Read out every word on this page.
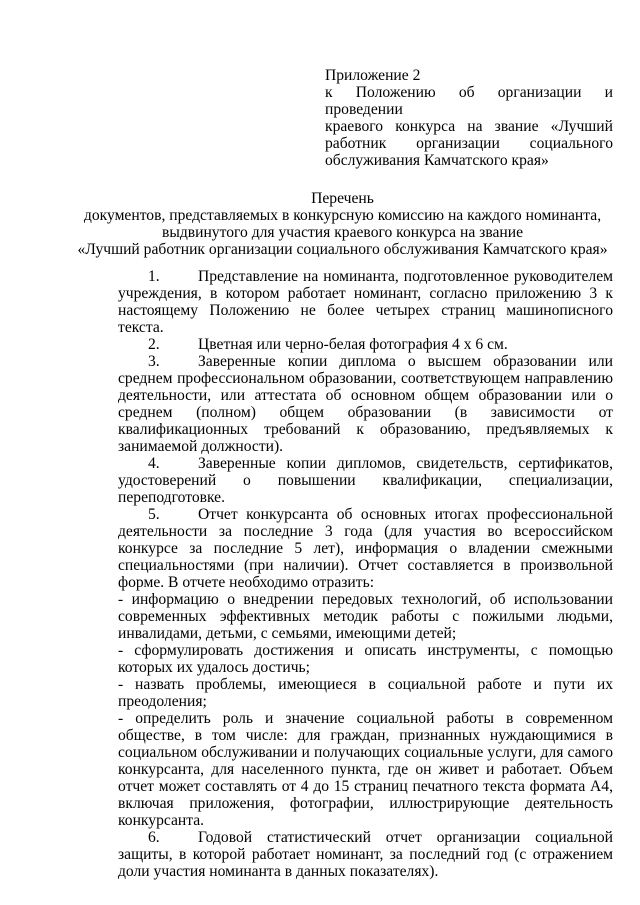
Приложение 2
к Положению об организации и проведении
краевого конкурса на звание «Лучший
работник организации социального
обслуживания Камчатского края»
Перечень
документов, представляемых в конкурсную комиссию на каждого номинанта,
выдвинутого для участия краевого конкурса на звание
«Лучший работник организации социального обслуживания Камчатского края»

1. Представление на номинанта, подготовленное руководителем учреждения, в котором работает номинант, согласно приложению 3 к настоящему Положению не более четырех страниц машинописного текста.

2. Цветная или черно-белая фотография 4 х 6 см.

3. Заверенные копии диплома о высшем образовании или среднем профессиональном образовании, соответствующем направлению деятельности, или аттестата об основном общем образовании или о среднем (полном) общем образовании (в зависимости от квалификационных требований к образованию, предъявляемых к занимаемой должности).

4. Заверенные копии дипломов, свидетельств, сертификатов, удостоверений о повышении квалификации, специализации, переподготовке.

5. Отчет конкурсанта об основных итогах профессиональной деятельности за последние 3 года (для участия во всероссийском конкурсе за последние 5 лет), информация о владении смежными специальностями (при наличии). Отчет составляется в произвольной форме. В отчете необходимо отразить:

- информацию о внедрении передовых технологий, об использовании современных эффективных методик работы с пожилыми людьми, инвалидами, детьми, с семьями, имеющими детей;

- сформулировать достижения и описать инструменты, с помощью которых их удалось достичь;

- назвать проблемы, имеющиеся в социальной работе и пути их преодоления;

- определить роль и значение социальной работы в современном обществе, в том числе: для граждан, признанных нуждающимися в социальном обслуживании и получающих социальные услуги, для самого конкурсанта, для населенного пункта, где он живет и работает. Объем отчет может составлять от 4 до 15 страниц печатного текста формата А4, включая приложения, фотографии, иллюстрирующие деятельность конкурсанта.

6. Годовой статистический отчет организации социальной защиты, в которой работает номинант, за последний год (с отражением доли участия номинанта в данных показателях).
